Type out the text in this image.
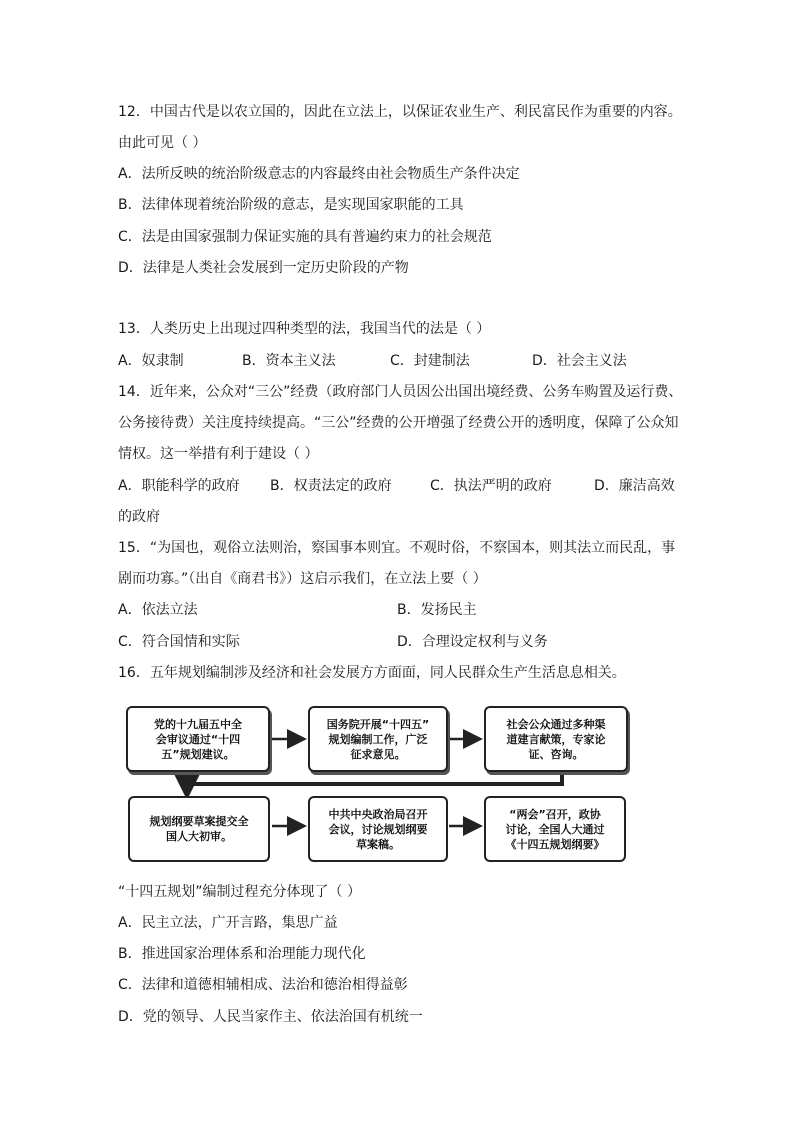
12．中国古代是以农立国的，因此在立法上，以保证农业生产、利民富民作为重要的内容。
由此可见（ ）
A．法所反映的统治阶级意志的内容最终由社会物质生产条件决定
B．法律体现着统治阶级的意志，是实现国家职能的工具
C．法是由国家强制力保证实施的具有普遍约束力的社会规范
D．法律是人类社会发展到一定历史阶段的产物
13．人类历史上出现过四种类型的法，我国当代的法是（ ）
A．奴隶制	B．资本主义法	C．封建制法	D．社会主义法
14．近年来，公众对“三公”经费（政府部门人员因公出国出境经费、公务车购置及运行费、
公务接待费）关注度持续提高。“三公”经费的公开增强了经费公开的透明度，保障了公众知
情权。这一举措有利于建设（ ）
A．职能科学的政府 B．权责法定的政府	C．执法严明的政府	D．廉洁高效
的政府
15．“为国也，观俗立法则治，察国事本则宜。不观时俗，不察国本，则其法立而民乱，事
剧而功寡。”（出自《商君书》）这启示我们，在立法上要（ ）
A．依法立法	B．发扬民主
C．符合国情和实际	D．合理设定权利与义务
16．五年规划编制涉及经济和社会发展方方面面，同人民群众生产生活息息相关。
党的十九届五中全
会审议通过“十四
五”规划建议。
国务院开展“十四五”
规划编制工作，广泛
征求意见。
社会公众通过多种渠
道建言献策，专家论
证、咨询。
规划纲要草案提交全
国人大初审。
中共中央政治局召开
会议，讨论规划纲要
草案稿。
“两会”召开，政协
讨论，全国人大通过
《十四五规划纲要》
“十四五规划”编制过程充分体现了（ ）
A．民主立法，广开言路，集思广益
B．推进国家治理体系和治理能力现代化
C．法律和道德相辅相成、法治和德治相得益彰
D．党的领导、人民当家作主、依法治国有机统一
